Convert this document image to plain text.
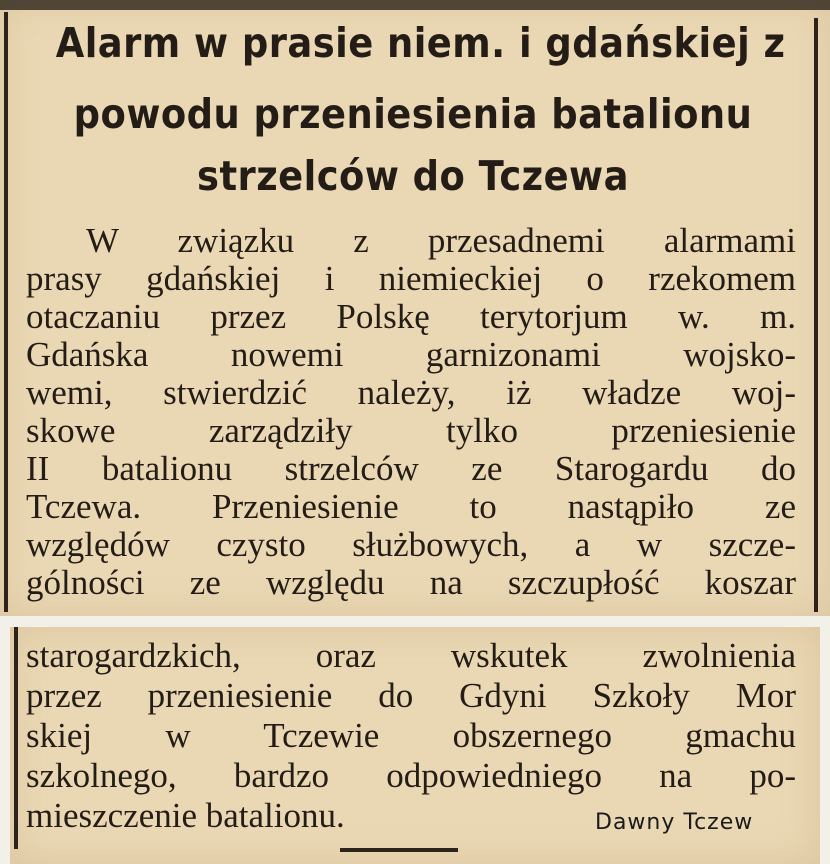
Alarm w prasie niem. i gdańskiej z
powodu przeniesienia batalionu
strzelców do Tczewa
W związku z przesadnemi alarmami
prasy gdańskiej i niemieckiej o rzekomem
otaczaniu przez Polskę terytorjum w. m.
Gdańska nowemi garnizonami wojsko-
wemi, stwierdzić należy, iż władze woj-
skowe zarządziły tylko przeniesienie
II batalionu strzelców ze Starogardu do
Tczewa. Przeniesienie to nastąpiło ze
względów czysto służbowych, a w szcze-
gólności ze względu na szczupłość koszar
starogardzkich, oraz wskutek zwolnienia
przez przeniesienie do Gdyni Szkoły Mor
skiej w Tczewie obszernego gmachu
szkolnego, bardzo odpowiedniego na po-
mieszczenie batalionu.	Dawny Tczew
